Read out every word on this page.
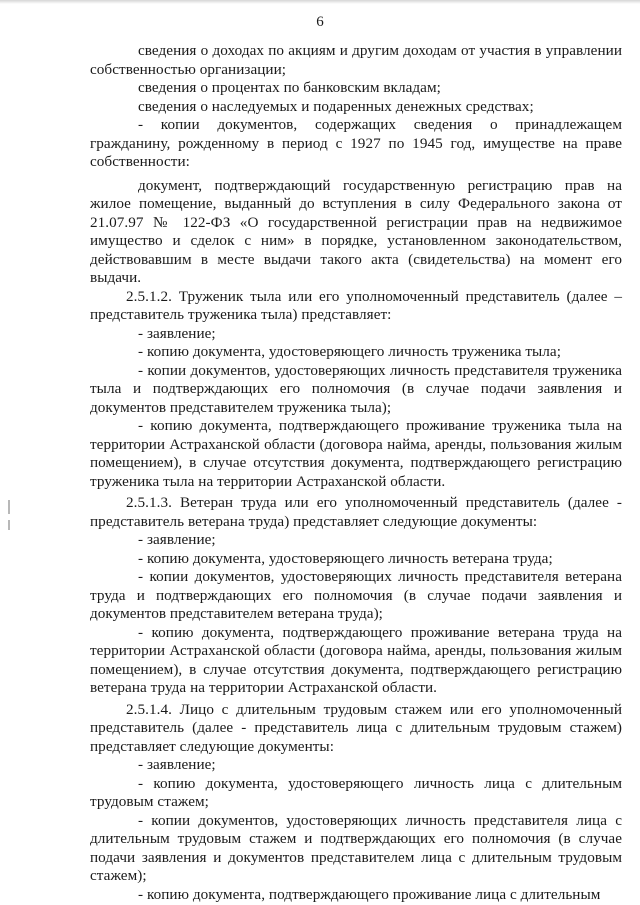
6

сведения о доходах по акциям и другим доходам от участия в управлении собственностью организации;

сведения о процентах по банковским вкладам;

сведения о наследуемых и подаренных денежных средствах;

- копии документов, содержащих сведения о принадлежащем гражданину, рожденному в период с 1927 по 1945 год, имуществе на праве собственности:

документ, подтверждающий государственную регистрацию прав на жилое помещение, выданный до вступления в силу Федерального закона от 21.07.97 № 122-ФЗ «О государственной регистрации прав на недвижимое имущество и сделок с ним» в порядке, установленном законодательством, действовавшим в месте выдачи такого акта (свидетельства) на момент его выдачи.

2.5.1.2. Труженик тыла или его уполномоченный представитель (далее – представитель труженика тыла) представляет:

- заявление;

- копию документа, удостоверяющего личность труженика тыла;

- копии документов, удостоверяющих личность представителя труженика тыла и подтверждающих его полномочия (в случае подачи заявления и документов представителем труженика тыла);

- копию документа, подтверждающего проживание труженика тыла на территории Астраханской области (договора найма, аренды, пользования жилым помещением), в случае отсутствия документа, подтверждающего регистрацию труженика тыла на территории Астраханской области.

2.5.1.3. Ветеран труда или его уполномоченный представитель (далее - представитель ветерана труда) представляет следующие документы:

- заявление;

- копию документа, удостоверяющего личность ветерана труда;

- копии документов, удостоверяющих личность представителя ветерана труда и подтверждающих его полномочия (в случае подачи заявления и документов представителем ветерана труда);

- копию документа, подтверждающего проживание ветерана труда на территории Астраханской области (договора найма, аренды, пользования жилым помещением), в случае отсутствия документа, подтверждающего регистрацию ветерана труда на территории Астраханской области.

2.5.1.4. Лицо с длительным трудовым стажем или его уполномоченный представитель (далее - представитель лица с длительным трудовым стажем) представляет следующие документы:

- заявление;

- копию документа, удостоверяющего личность лица с длительным трудовым стажем;

- копии документов, удостоверяющих личность представителя лица с длительным трудовым стажем и подтверждающих его полномочия (в случае подачи заявления и документов представителем лица с длительным трудовым стажем);

- копию документа, подтверждающего проживание лица с длительным
